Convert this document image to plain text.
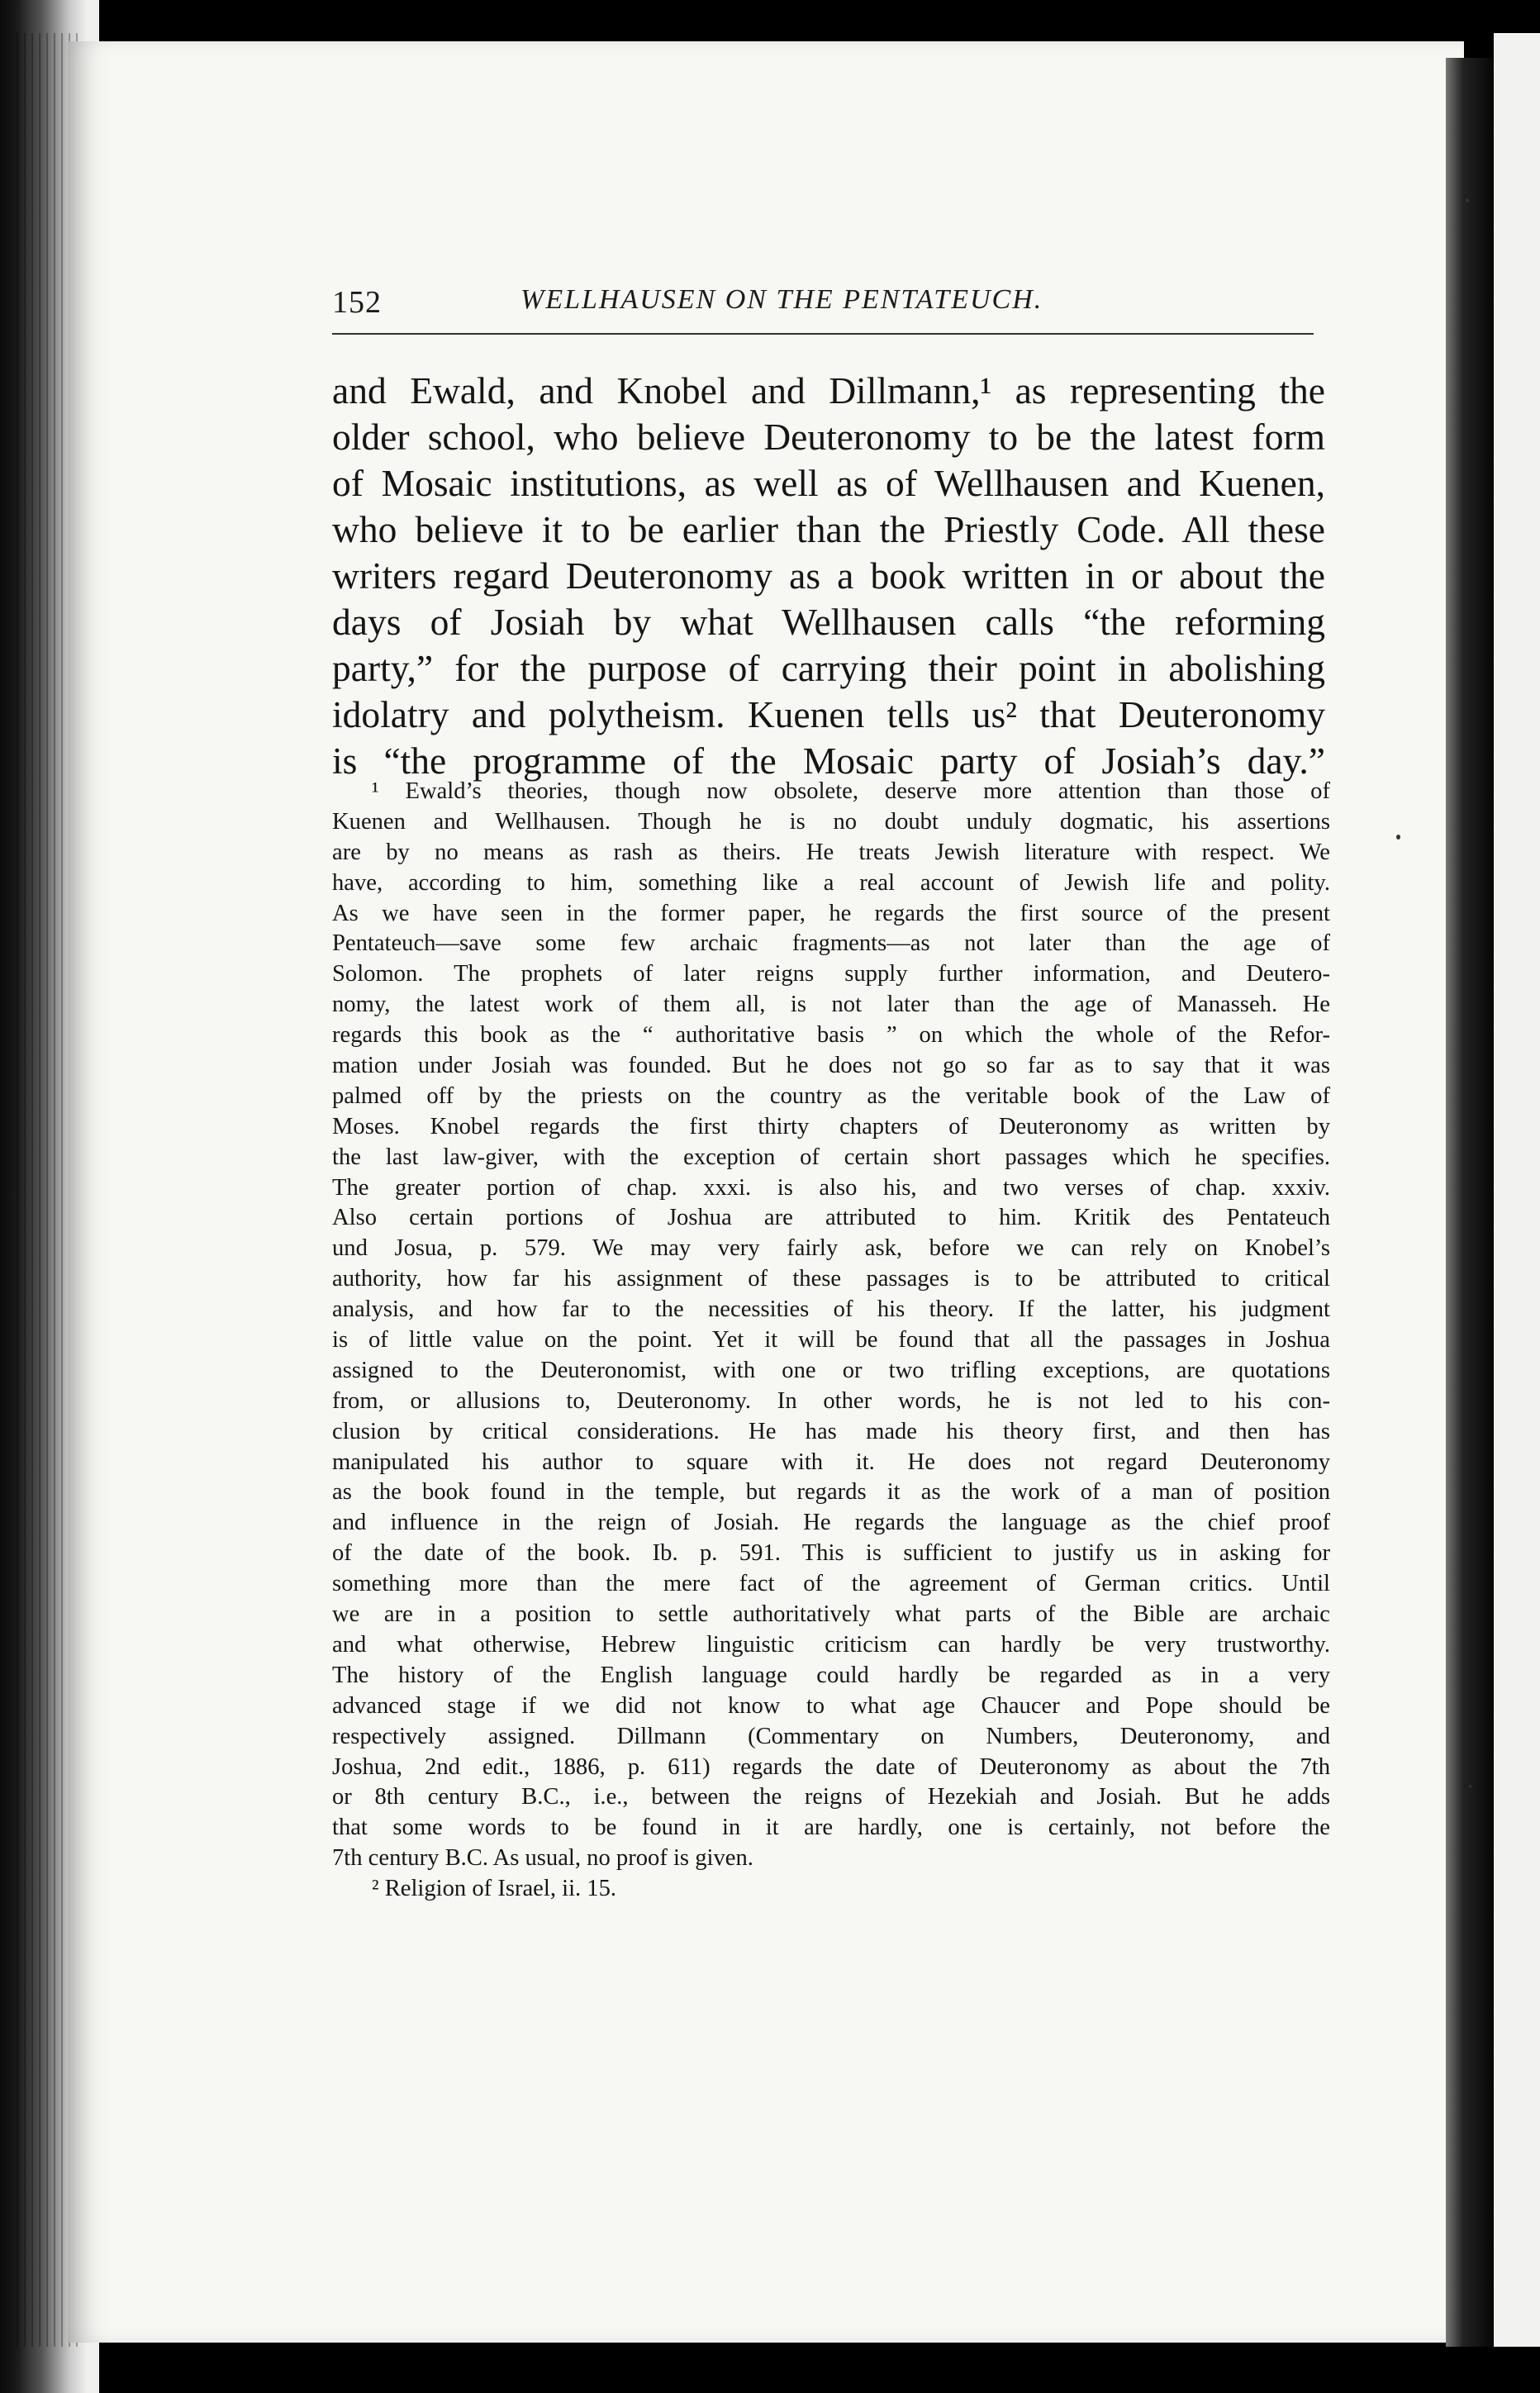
152	WELLHAUSEN ON THE PENTATEUCH.
and Ewald, and Knobel and Dillmann,¹ as representing the
older school, who believe Deuteronomy to be the latest form
of Mosaic institutions, as well as of Wellhausen and Kuenen,
who believe it to be earlier than the Priestly Code. All these
writers regard Deuteronomy as a book written in or about the
days of Josiah by what Wellhausen calls “the reforming
party,” for the purpose of carrying their point in abolishing
idolatry and polytheism. Kuenen tells us² that Deuteronomy
is “the programme of the Mosaic party of Josiah’s day.”
¹ Ewald’s theories, though now obsolete, deserve more attention than those of
Kuenen and Wellhausen. Though he is no doubt unduly dogmatic, his assertions
are by no means as rash as theirs. He treats Jewish literature with respect. We
have, according to him, something like a real account of Jewish life and polity.
As we have seen in the former paper, he regards the first source of the present
Pentateuch—save some few archaic fragments—as not later than the age of
Solomon. The prophets of later reigns supply further information, and Deutero-
nomy, the latest work of them all, is not later than the age of Manasseh. He
regards this book as the “ authoritative basis ” on which the whole of the Refor-
mation under Josiah was founded. But he does not go so far as to say that it was
palmed off by the priests on the country as the veritable book of the Law of
Moses. Knobel regards the first thirty chapters of Deuteronomy as written by
the last law-giver, with the exception of certain short passages which he specifies.
The greater portion of chap. xxxi. is also his, and two verses of chap. xxxiv.
Also certain portions of Joshua are attributed to him. Kritik des Pentateuch
und Josua, p. 579. We may very fairly ask, before we can rely on Knobel’s
authority, how far his assignment of these passages is to be attributed to critical
analysis, and how far to the necessities of his theory. If the latter, his judgment
is of little value on the point. Yet it will be found that all the passages in Joshua
assigned to the Deuteronomist, with one or two trifling exceptions, are quotations
from, or allusions to, Deuteronomy. In other words, he is not led to his con-
clusion by critical considerations. He has made his theory first, and then has
manipulated his author to square with it. He does not regard Deuteronomy
as the book found in the temple, but regards it as the work of a man of position
and influence in the reign of Josiah. He regards the language as the chief proof
of the date of the book. Ib. p. 591. This is sufficient to justify us in asking for
something more than the mere fact of the agreement of German critics. Until
we are in a position to settle authoritatively what parts of the Bible are archaic
and what otherwise, Hebrew linguistic criticism can hardly be very trustworthy.
The history of the English language could hardly be regarded as in a very
advanced stage if we did not know to what age Chaucer and Pope should be
respectively assigned. Dillmann (Commentary on Numbers, Deuteronomy, and
Joshua, 2nd edit., 1886, p. 611) regards the date of Deuteronomy as about the 7th
or 8th century B.C., i.e., between the reigns of Hezekiah and Josiah. But he adds
that some words to be found in it are hardly, one is certainly, not before the
7th century B.C. As usual, no proof is given.
² Religion of Israel, ii. 15.
